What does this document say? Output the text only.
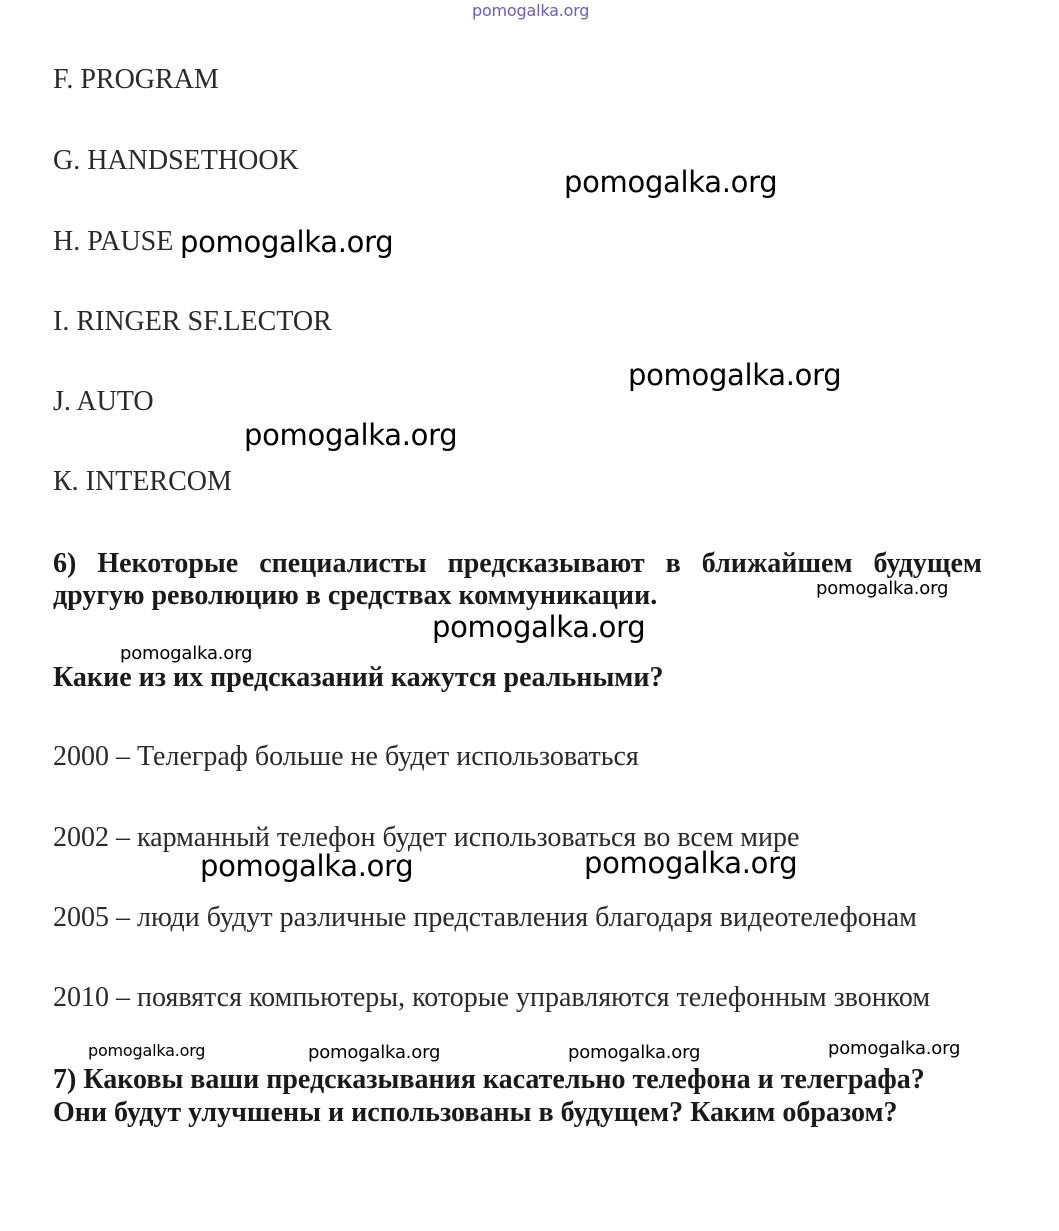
pomogalka.org
F. PROGRAM
G. HANDSETHOOK
H. PAUSE
I. RINGER SF.LECTOR
J. AUTO
К. INTERCOM
pomogalka.org
pomogalka.org
pomogalka.org
pomogalka.org
6) Некоторые специалисты предсказывают в ближайшем будущем другую революцию в средствах коммуникации.	pomogalka.org
pomogalka.org
pomogalka.org
Какие из их предсказаний кажутся реальными?
2000 – Телеграф больше не будет использоваться
2002 – карманный телефон будет использоваться во всем мире
pomogalka.org	pomogalka.org
2005 – люди будут различные представления благодаря видеотелефонам
2010 – появятся компьютеры, которые управляются телефонным звонком
pomogalka.org	pomogalka.org	pomogalka.org	pomogalka.org
7) Каковы ваши предсказывания касательно телефона и телеграфа?
Они будут улучшены и использованы в будущем? Каким образом?
